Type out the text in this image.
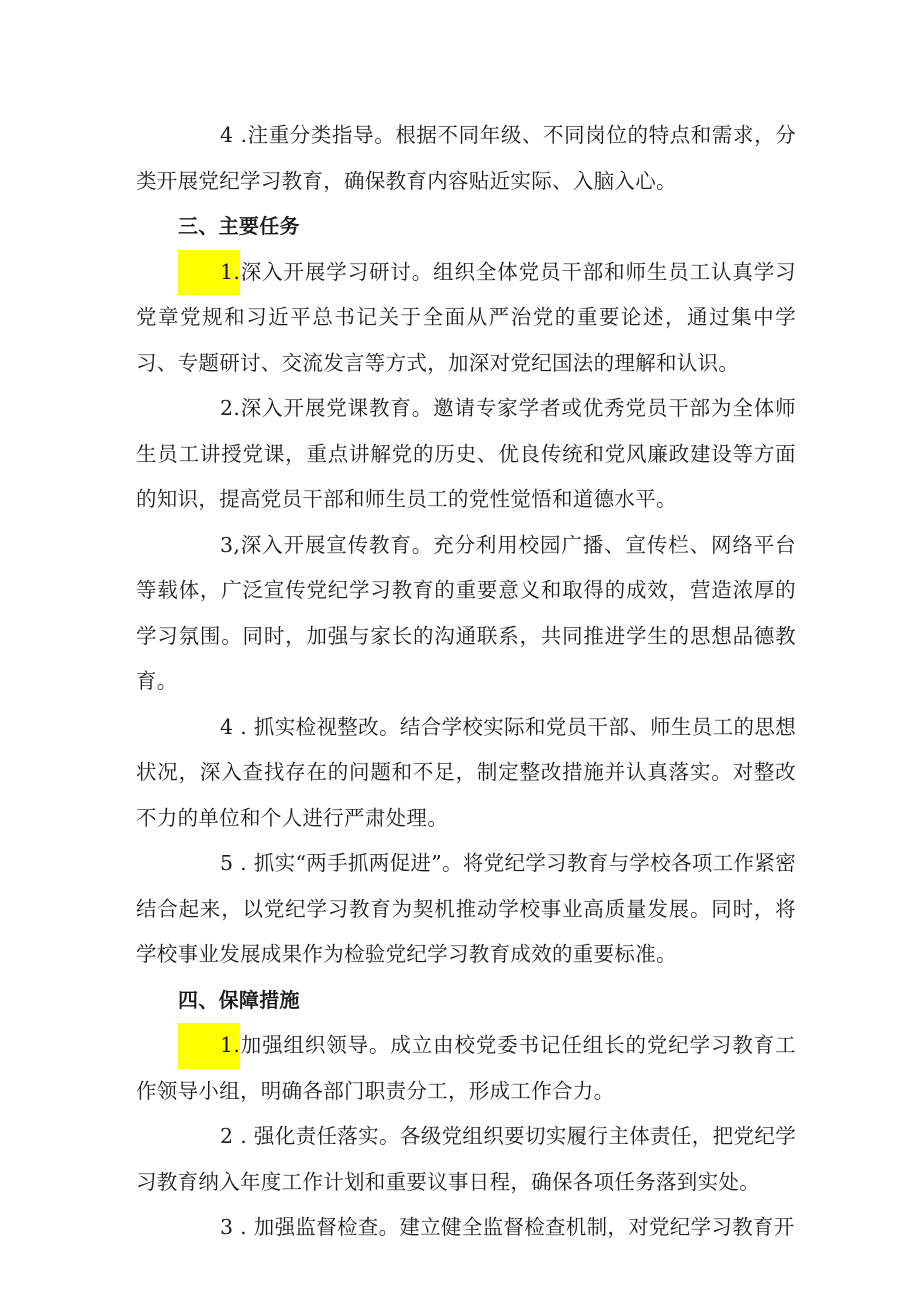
4 .注重分类指导。根据不同年级、不同岗位的特点和需求，分类开展党纪学习教育，确保教育内容贴近实际、入脑入心。

三、主要任务

1.深入开展学习研讨。组织全体党员干部和师生员工认真学习党章党规和习近平总书记关于全面从严治党的重要论述，通过集中学习、专题研讨、交流发言等方式，加深对党纪国法的理解和认识。

2.深入开展党课教育。邀请专家学者或优秀党员干部为全体师生员工讲授党课，重点讲解党的历史、优良传统和党风廉政建设等方面的知识，提高党员干部和师生员工的党性觉悟和道德水平。

3,深入开展宣传教育。充分利用校园广播、宣传栏、网络平台等载体，广泛宣传党纪学习教育的重要意义和取得的成效，营造浓厚的学习氛围。同时，加强与家长的沟通联系，共同推进学生的思想品德教育。

4 . 抓实检视整改。结合学校实际和党员干部、师生员工的思想状况，深入查找存在的问题和不足，制定整改措施并认真落实。对整改不力的单位和个人进行严肃处理。

5 . 抓实“两手抓两促进”。将党纪学习教育与学校各项工作紧密结合起来，以党纪学习教育为契机推动学校事业高质量发展。同时，将学校事业发展成果作为检验党纪学习教育成效的重要标准。

四、保障措施

1.加强组织领导。成立由校党委书记任组长的党纪学习教育工作领导小组，明确各部门职责分工，形成工作合力。

2 . 强化责任落实。各级党组织要切实履行主体责任，把党纪学习教育纳入年度工作计划和重要议事日程，确保各项任务落到实处。

3 . 加强监督检查。建立健全监督检查机制，对党纪学习教育开
